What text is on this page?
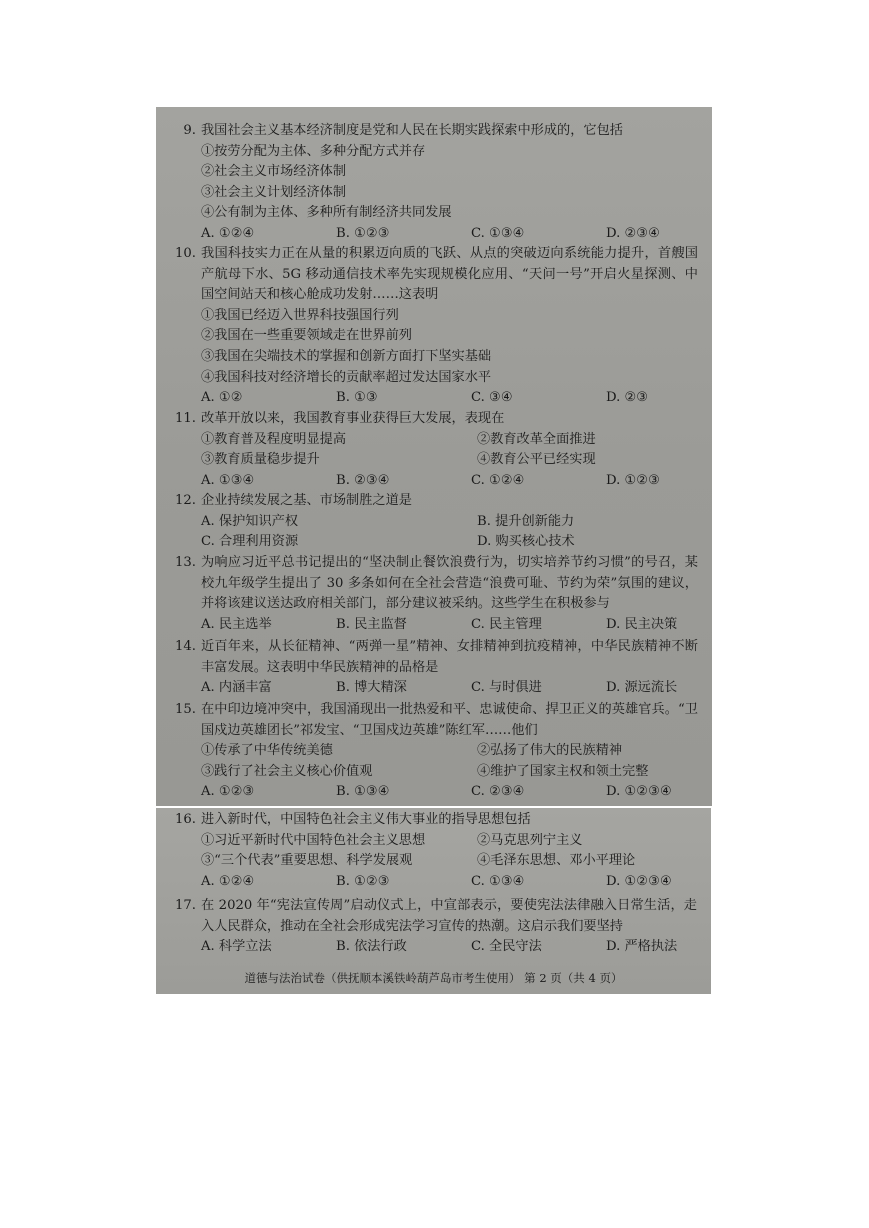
9. 我国社会主义基本经济制度是党和人民在长期实践探索中形成的，它包括
①按劳分配为主体、多种分配方式并存
②社会主义市场经济体制
③社会主义计划经济体制
④公有制为主体、多种所有制经济共同发展
A. ①②④	B. ①②③	C. ①③④	D. ②③④
10. 我国科技实力正在从量的积累迈向质的飞跃、从点的突破迈向系统能力提升，首艘国产航母下水、5G 移动通信技术率先实现规模化应用、“天问一号”开启火星探测、中国空间站天和核心舱成功发射……这表明
①我国已经迈入世界科技强国行列
②我国在一些重要领域走在世界前列
③我国在尖端技术的掌握和创新方面打下坚实基础
④我国科技对经济增长的贡献率超过发达国家水平
A. ①②	B. ①③	C. ③④	D. ②③
11. 改革开放以来，我国教育事业获得巨大发展，表现在
①教育普及程度明显提高	②教育改革全面推进
③教育质量稳步提升	④教育公平已经实现
A. ①③④	B. ②③④	C. ①②④	D. ①②③
12. 企业持续发展之基、市场制胜之道是
A. 保护知识产权	B. 提升创新能力
C. 合理利用资源	D. 购买核心技术
13. 为响应习近平总书记提出的“坚决制止餐饮浪费行为，切实培养节约习惯”的号召，某校九年级学生提出了 30 多条如何在全社会营造“浪费可耻、节约为荣”氛围的建议，并将该建议送达政府相关部门，部分建议被采纳。这些学生在积极参与
A. 民主选举	B. 民主监督	C. 民主管理	D. 民主决策
14. 近百年来，从长征精神、“两弹一星”精神、女排精神到抗疫精神，中华民族精神不断丰富发展。这表明中华民族精神的品格是
A. 内涵丰富	B. 博大精深	C. 与时俱进	D. 源远流长
15. 在中印边境冲突中，我国涌现出一批热爱和平、忠诚使命、捍卫正义的英雄官兵。“卫国戍边英雄团长”祁发宝、“卫国戍边英雄”陈红军……他们
①传承了中华传统美德	②弘扬了伟大的民族精神
③践行了社会主义核心价值观	④维护了国家主权和领土完整
A. ①②③	B. ①③④	C. ②③④	D. ①②③④
16. 进入新时代，中国特色社会主义伟大事业的指导思想包括
①习近平新时代中国特色社会主义思想	②马克思列宁主义
③“三个代表”重要思想、科学发展观	④毛泽东思想、邓小平理论
A. ①②④	B. ①②③	C. ①③④	D. ①②③④
17. 在 2020 年“宪法宣传周”启动仪式上，中宣部表示，要使宪法法律融入日常生活，走入人民群众，推动在全社会形成宪法学习宣传的热潮。这启示我们要坚持
A. 科学立法	B. 依法行政	C. 全民守法	D. 严格执法
道德与法治试卷（供抚顺本溪铁岭葫芦岛市考生使用） 第 2 页（共 4 页）
